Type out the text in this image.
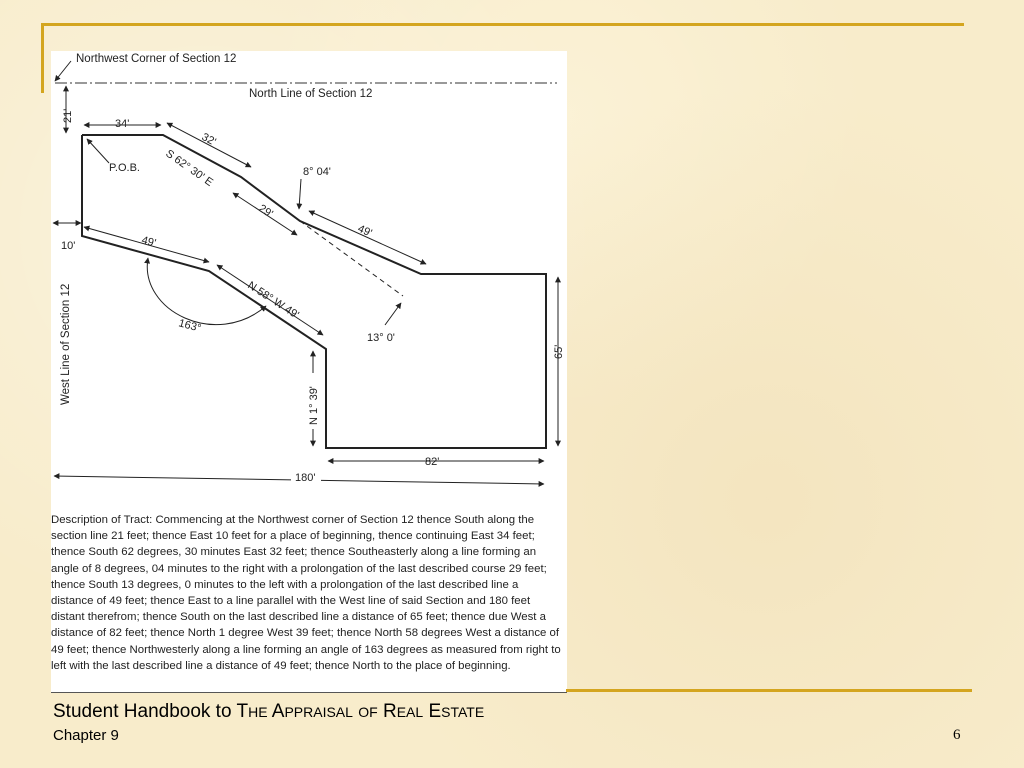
Northwest Corner of Section 12
North Line of Section 12
21'
34'
32'
S 62° 30' E
P.O.B.	8° 04'
29'
49'
10'	49'
N 58° W 49'
163°
13° 0'
65'
N 1° 39'
West Line of Section 12
82'
180'
Description of Tract: Commencing at the Northwest corner of Section 12 thence South along the section line 21 feet; thence East 10 feet for a place of beginning, thence continuing East 34 feet; thence South 62 degrees, 30 minutes East 32 feet; thence Southeasterly along a line forming an angle of 8 degrees, 04 minutes to the right with a prolongation of the last described course 29 feet; thence South 13 degrees, 0 minutes to the left with a prolongation of the last described line a distance of 49 feet; thence East to a line parallel with the West line of said Section and 180 feet distant therefrom; thence South on the last described line a distance of 65 feet; thence due West a distance of 82 feet; thence North 1 degree West 39 feet; thence North 58 degrees West a distance of 49 feet; thence Northwesterly along a line forming an angle of 163 degrees as measured from right to left with the last described line a distance of 49 feet; thence North to the place of beginning.
Student Handbook to THE APPRAISAL OF REAL ESTATE
Chapter 9	6
